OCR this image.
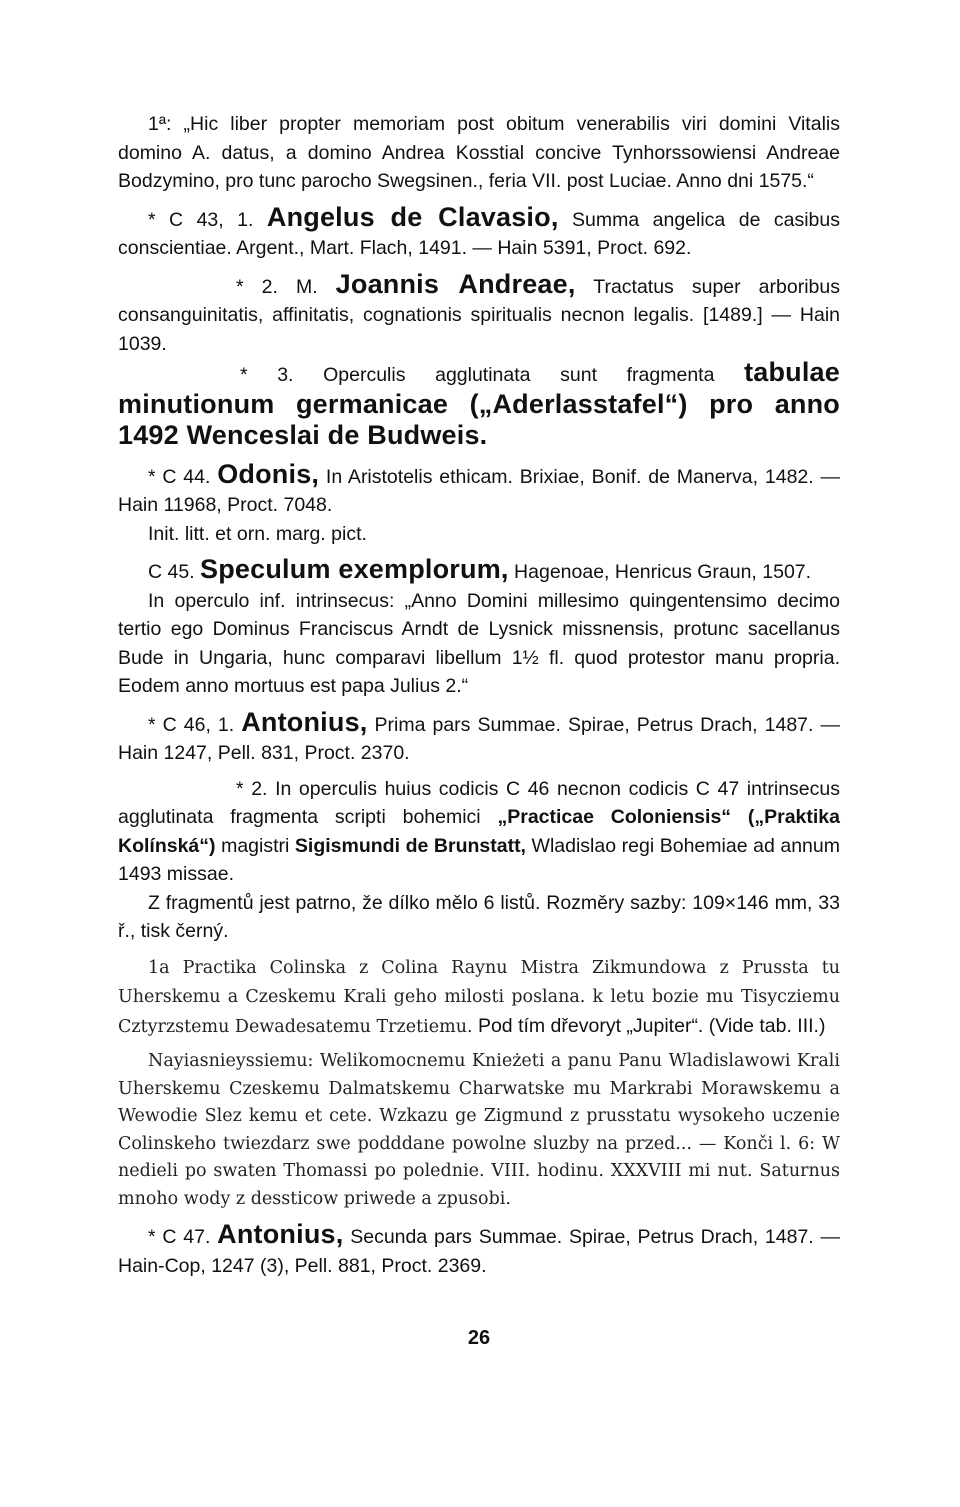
1ª: „Hic liber propter memoriam post obitum venerabilis viri domini Vitalis domino A. datus, a domino Andrea Kosstial concive Tynhorssowiensi Andreae Bodzymino, pro tunc parocho Swegsinen., feria VII. post Luciae. Anno dni 1575.“

* C 43, 1. Angelus de Clavasio, Summa angelica de casibus conscientiae. Argent., Mart. Flach, 1491. — Hain 5391, Proct. 692.

* 2. M. Joannis Andreae, Tractatus super arboribus consanguinitatis, affinitatis, cognationis spiritualis necnon legalis. [1489.] — Hain 1039.

* 3. Operculis agglutinata sunt fragmenta tabulae minutionum germanicae („Aderlasstafel“) pro anno 1492 Wenceslai de Budweis.

* C 44. Odonis, In Aristotelis ethicam. Brixiae, Bonif. de Manerva, 1482. — Hain 11968, Proct. 7048.

Init. litt. et orn. marg. pict.

C 45. Speculum exemplorum, Hagenoae, Henricus Graun, 1507.

In operculo inf. intrinsecus: „Anno Domini millesimo quingentensimo decimo tertio ego Dominus Franciscus Arndt de Lysnick missnensis, protunc sacellanus Bude in Ungaria, hunc comparavi libellum 1½ fl. quod protestor manu propria. Eodem anno mortuus est papa Julius 2.“

* C 46, 1. Antonius, Prima pars Summae. Spirae, Petrus Drach, 1487. — Hain 1247, Pell. 831, Proct. 2370.

* 2. In operculis huius codicis C 46 necnon codicis C 47 intrinsecus agglutinata fragmenta scripti bohemici „Practicae Coloniensis“ („Praktika Kolínská“) magistri Sigismundi de Brunstatt, Wladislao regi Bohemiae ad annum 1493 missae.

Z fragmentů jest patrno, že dílko mělo 6 listů. Rozměry sazby: 109×146 mm, 33 ř., tisk černý.

1a Practika Colinska z Colina Raynu Mistra Zikmundowa z Prussta tu Uherskemu a Czeskemu Krali geho milosti poslana. k letu bozie mu Tisycziemu Cztyrzstemu Dewadesatemu Trzetiemu. Pod tím dřevoryt „Jupiter“. (Vide tab. III.)

Nayiasnieyssiemu: Welikomocnemu Knieżeti a panu Panu Wladislawowi Krali Uherskemu Czeskemu Dalmatskemu Charwatske mu Markrabi Morawskemu a Wewodie Slez kemu et cete. Wzkazu ge Zigmund z prusstatu wysokeho uczenie Colinskeho twiezdarz swe podddane powolne sluzby na przed... — Konči l. 6: W nedieli po swaten Thomassi po polednie. VIII. hodinu. XXXVIII mi nut. Saturnus mnoho wody z dessticow priwede a zpusobi.

* C 47. Antonius, Secunda pars Summae. Spirae, Petrus Drach, 1487. — Hain-Cop, 1247 (3), Pell. 881, Proct. 2369.

26
